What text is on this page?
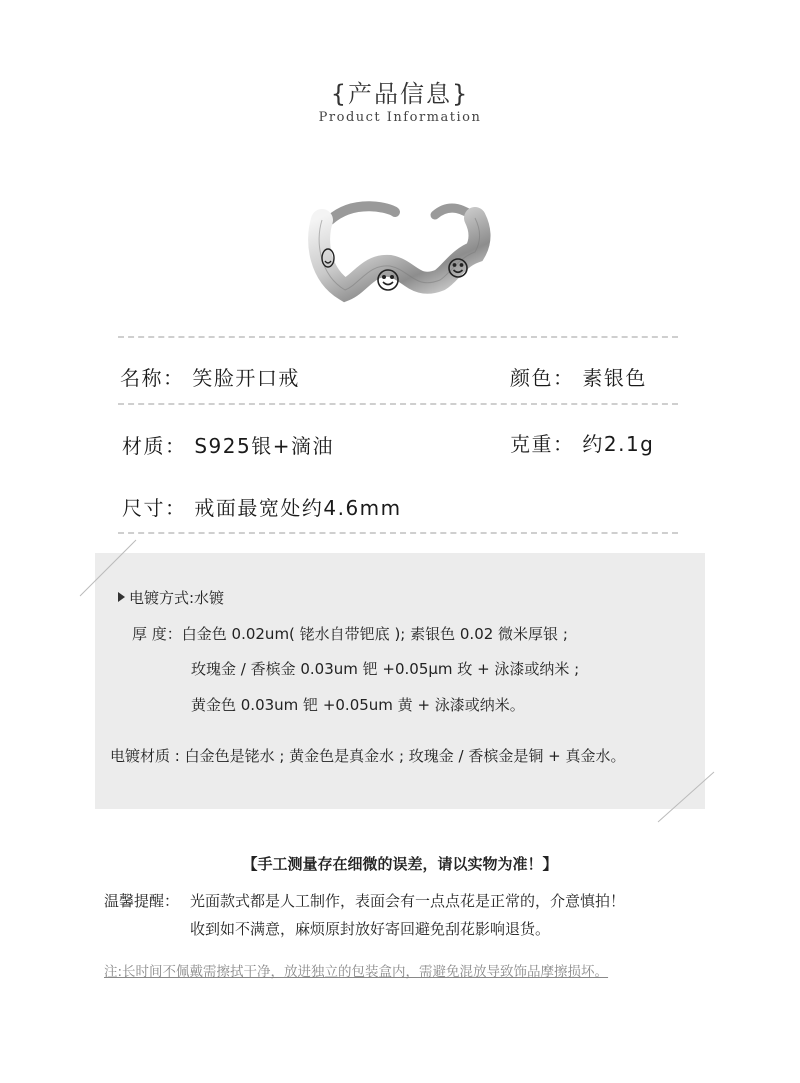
{产品信息}
Product Information
名称： 笑脸开口戒	颜色： 素银色
材质： S925银+滴油	克重： 约2.1g
尺寸： 戒面最宽处约4.6mm
电镀方式:水镀
厚 度：白金色 0.02um( 铑水自带钯底 ); 素银色 0.02 微米厚银 ;
玫瑰金 / 香槟金 0.03um 钯 +0.05μm 玫 + 泳漆或纳米 ;
黄金色 0.03um 钯 +0.05um 黄 + 泳漆或纳米。
电镀材质 : 白金色是铑水 ; 黄金色是真金水 ; 玫瑰金 / 香槟金是铜 + 真金水。
【手工测量存在细微的误差，请以实物为准！】
温馨提醒： 光面款式都是人工制作，表面会有一点点花是正常的，介意慎拍！
收到如不满意，麻烦原封放好寄回避免刮花影响退货。
注:长时间不佩戴需擦拭干净，放进独立的包装盒内，需避免混放导致饰品摩擦损坏。
